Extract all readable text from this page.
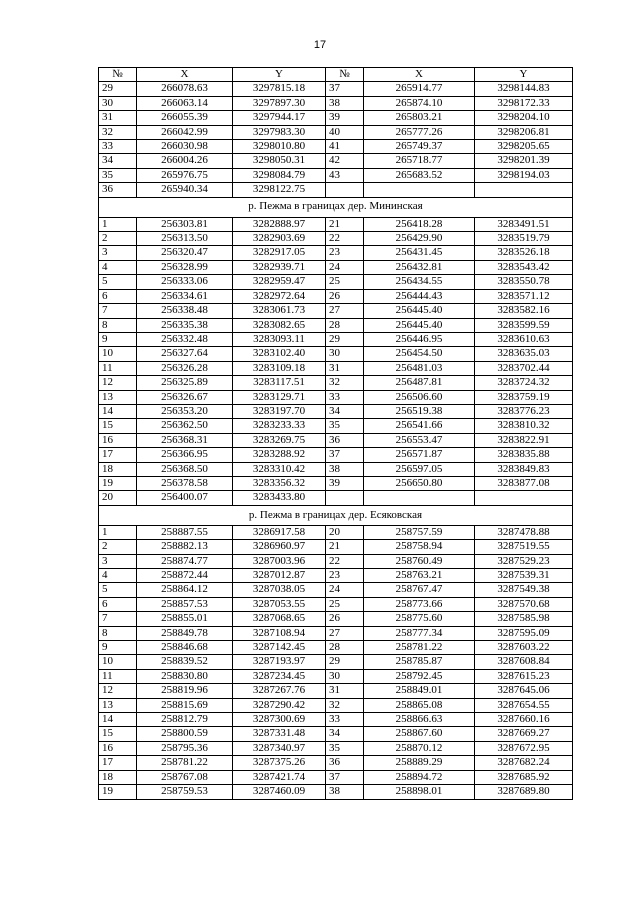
17
№	X	Y	№	X	Y
29	266078.63	3297815.18	37	265914.77	3298144.83
30	266063.14	3297897.30	38	265874.10	3298172.33
31	266055.39	3297944.17	39	265803.21	3298204.10
32	266042.99	3297983.30	40	265777.26	3298206.81
33	266030.98	3298010.80	41	265749.37	3298205.65
34	266004.26	3298050.31	42	265718.77	3298201.39
35	265976.75	3298084.79	43	265683.52	3298194.03
36	265940.34	3298122.75			
р. Пежма в границах дер. Мининская					
1	256303.81	3282888.97	21	256418.28	3283491.51
2	256313.50	3282903.69	22	256429.90	3283519.79
3	256320.47	3282917.05	23	256431.45	3283526.18
4	256328.99	3282939.71	24	256432.81	3283543.42
5	256333.06	3282959.47	25	256434.55	3283550.78
6	256334.61	3282972.64	26	256444.43	3283571.12
7	256338.48	3283061.73	27	256445.40	3283582.16
8	256335.38	3283082.65	28	256445.40	3283599.59
9	256332.48	3283093.11	29	256446.95	3283610.63
10	256327.64	3283102.40	30	256454.50	3283635.03
11	256326.28	3283109.18	31	256481.03	3283702.44
12	256325.89	3283117.51	32	256487.81	3283724.32
13	256326.67	3283129.71	33	256506.60	3283759.19
14	256353.20	3283197.70	34	256519.38	3283776.23
15	256362.50	3283233.33	35	256541.66	3283810.32
16	256368.31	3283269.75	36	256553.47	3283822.91
17	256366.95	3283288.92	37	256571.87	3283835.88
18	256368.50	3283310.42	38	256597.05	3283849.83
19	256378.58	3283356.32	39	256650.80	3283877.08
20	256400.07	3283433.80			
р. Пежма в границах дер. Есяковская					
1	258887.55	3286917.58	20	258757.59	3287478.88
2	258882.13	3286960.97	21	258758.94	3287519.55
3	258874.77	3287003.96	22	258760.49	3287529.23
4	258872.44	3287012.87	23	258763.21	3287539.31
5	258864.12	3287038.05	24	258767.47	3287549.38
6	258857.53	3287053.55	25	258773.66	3287570.68
7	258855.01	3287068.65	26	258775.60	3287585.98
8	258849.78	3287108.94	27	258777.34	3287595.09
9	258846.68	3287142.45	28	258781.22	3287603.22
10	258839.52	3287193.97	29	258785.87	3287608.84
11	258830.80	3287234.45	30	258792.45	3287615.23
12	258819.96	3287267.76	31	258849.01	3287645.06
13	258815.69	3287290.42	32	258865.08	3287654.55
14	258812.79	3287300.69	33	258866.63	3287660.16
15	258800.59	3287331.48	34	258867.60	3287669.27
16	258795.36	3287340.97	35	258870.12	3287672.95
17	258781.22	3287375.26	36	258889.29	3287682.24
18	258767.08	3287421.74	37	258894.72	3287685.92
19	258759.53	3287460.09	38	258898.01	3287689.80
